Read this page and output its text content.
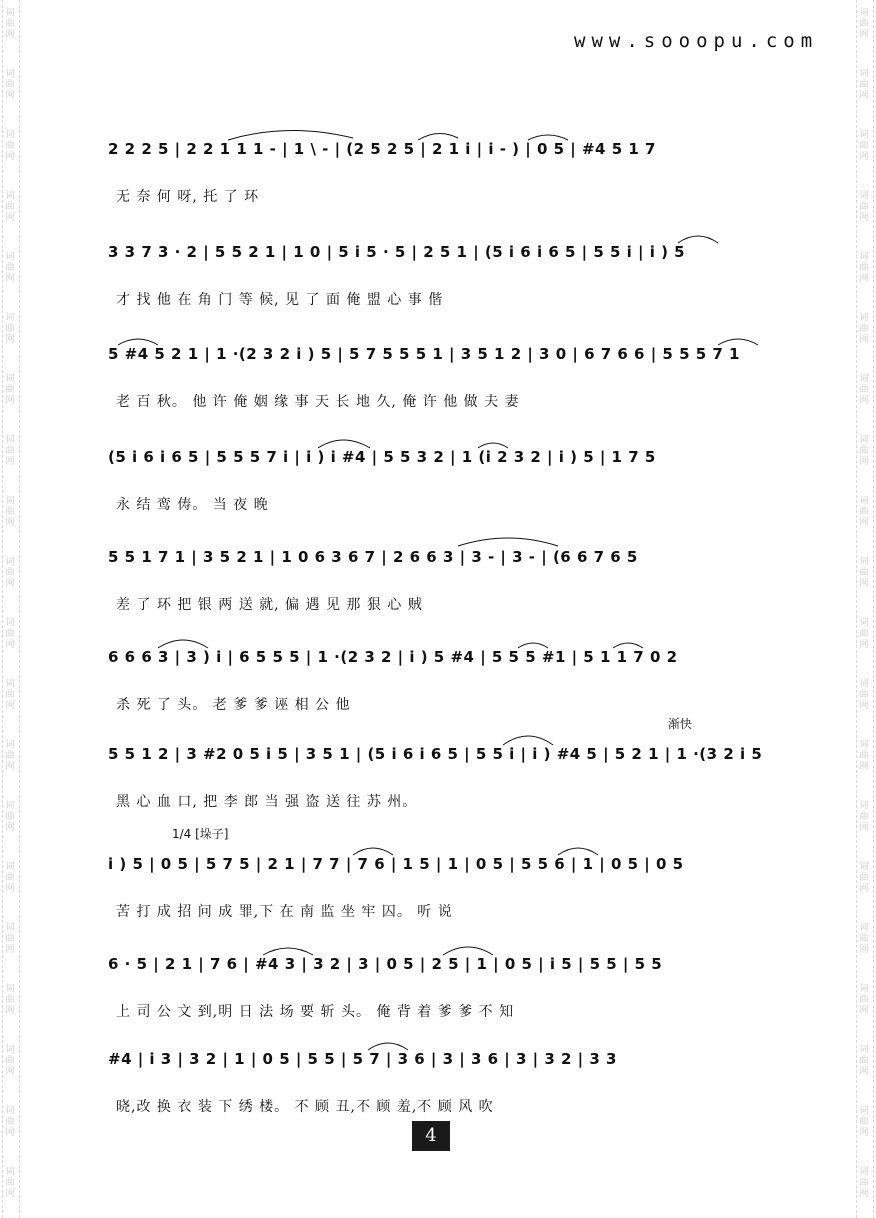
词
曲
网
词
曲
网
词
曲
网
词
曲
网
词
曲
网
词
曲
网
词
曲
网
词
曲
网
词
曲
网
词
曲
网
词
曲
网
词
曲
网
词
曲
网
词
曲
网
词
曲
网
词
曲
网
词
曲
网
词
曲
网
词
曲
网
词
曲
网
词
曲
网
词
曲
网
词
曲
网
词
曲
网
词
曲
网
词
曲
网
词
曲
网
词
曲
网
词
曲
网
词
曲
网
词
曲
网
词
曲
网
词
曲
网
词
曲
网
词
曲
网
词
曲
网
词
曲
网
词
曲
网
词
曲
网
词
曲
网
www.sooopu.com
2 2 2 5 | 2 2 1 1 1 - | 1 \ - | (2 5 2 5 | 2 1 i | i - ) | 0 5 | #4 5 1 7
无 奈 何 呀, 托 了 环
3 3 7 3 · 2 | 5 5 2 1 | 1 0 | 5 i 5 · 5 | 2 5 1 | (5 i 6 i 6 5 | 5 5 i | i ) 5
才 找 他 在 角 门 等 候, 见 了 面 俺 盟 心 事 偕
5 #4 5 2 1 | 1 ·(2 3 2 i ) 5 | 5 7 5 5 5 1 | 3 5 1 2 | 3 0 | 6 7 6 6 | 5 5 5 7 1
老 百 秋。 他 许 俺 姻 缘 事 天 长 地 久, 俺 许 他 做 夫 妻
(5 i 6 i 6 5 | 5 5 5 7 i | i ) i #4 | 5 5 3 2 | 1 (i 2 3 2 | i ) 5 | 1 7 5
永 结 鸾 俦。 当 夜 晚
5 5 1 7 1 | 3 5 2 1 | 1 0 6 3 6 7 | 2 6 6 3 | 3 - | 3 - | (6 6 7 6 5
差 了 环 把 银 两 送 就, 偏 遇 见 那 狠 心 贼
6 6 6 3 | 3 ) i | 6 5 5 5 | 1 ·(2 3 2 | i ) 5 #4 | 5 5 5 #1 | 5 1 1 7 0 2
杀 死 了 头。 老 爹 爹 诬 相 公 他
5 5 1 2 | 3 #2 0 5 i 5 | 3 5 1 | (5 i 6 i 6 5 | 5 5 i | i ) #4 5 | 5 2 1 | 1 ·(3 2 i 5
黑 心 血 口, 把 李 郎 当 强 盗 送 往 苏 州。
渐快
1/4 [垛子]
i ) 5 | 0 5 | 5 7 5 | 2 1 | 7 7 | 7 6 | 1 5 | 1 | 0 5 | 5 5 6 | 1 | 0 5 | 0 5
苦 打 成 招 问 成 罪,下 在 南 监 坐 牢 囚。 听 说
6 · 5 | 2 1 | 7 6 | #4 3 | 3 2 | 3 | 0 5 | 2 5 | 1 | 0 5 | i 5 | 5 5 | 5 5
上 司 公 文 到,明 日 法 场 要 斩 头。 俺 背 着 爹 爹 不 知
#4 | i 3 | 3 2 | 1 | 0 5 | 5 5 | 5 7 | 3 6 | 3 | 3 6 | 3 | 3 2 | 3 3
晓,改 换 衣 装 下 绣 楼。 不 顾 丑,不 顾 羞,不 顾 风 吹
4
